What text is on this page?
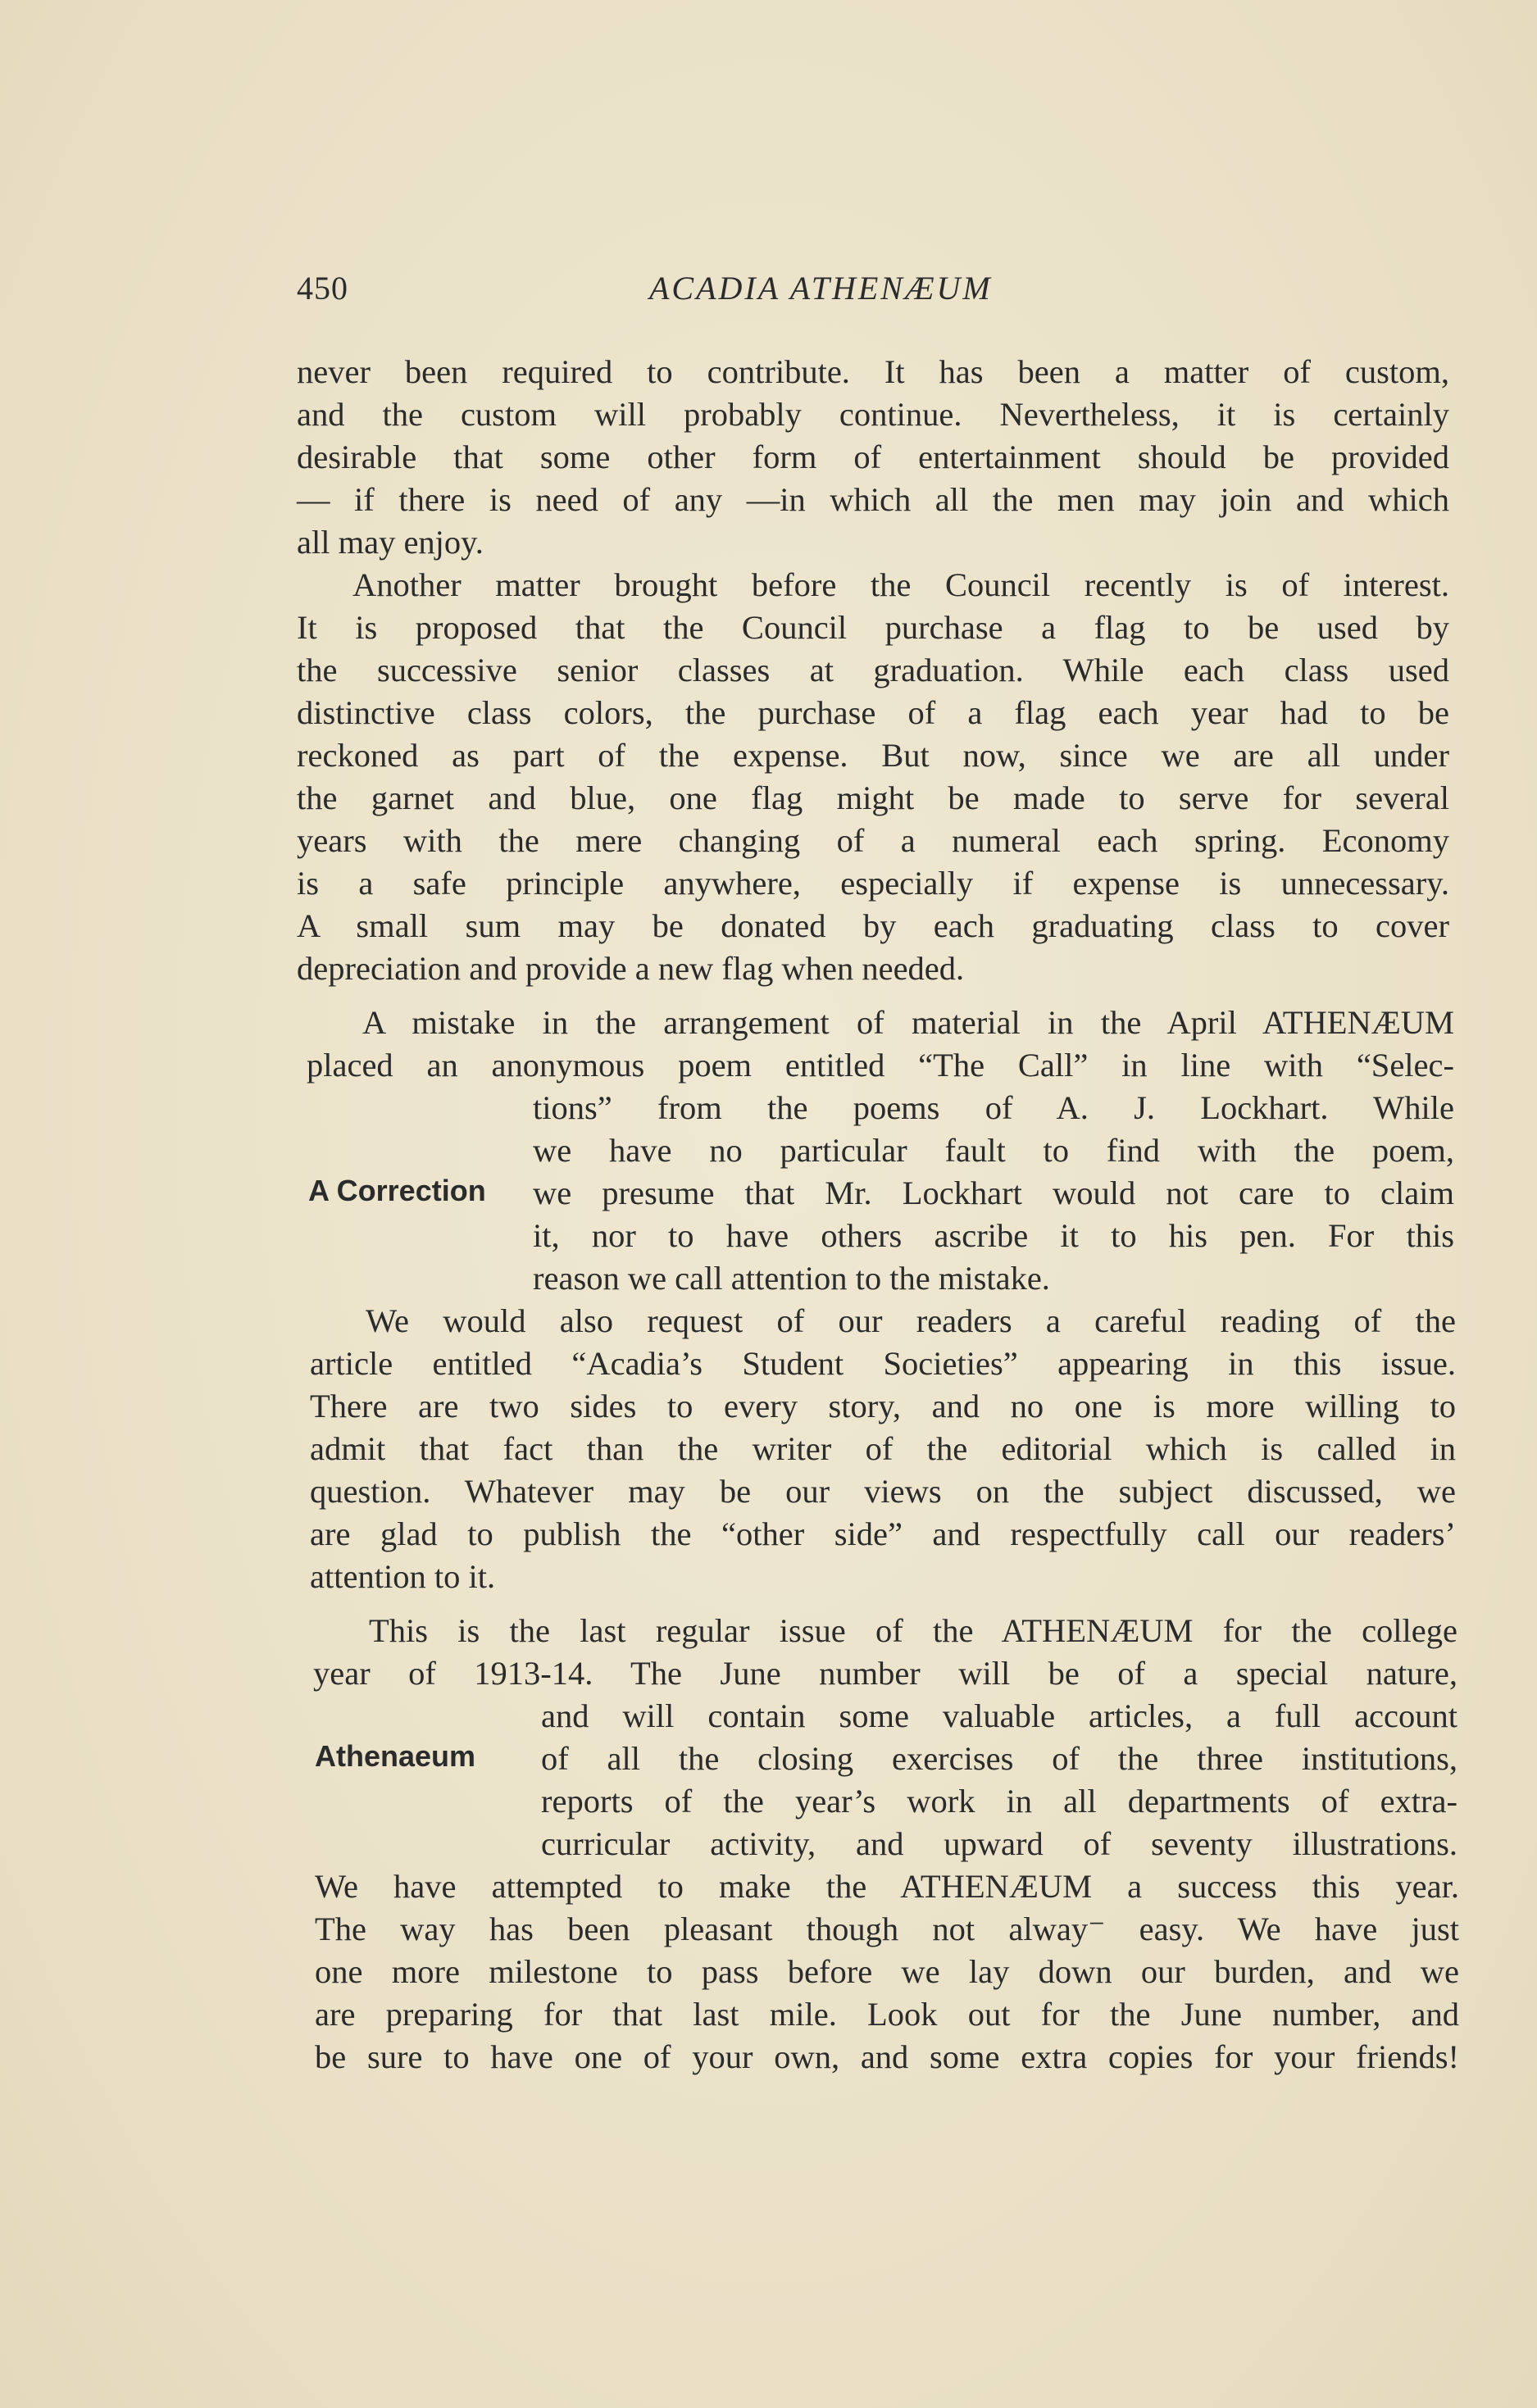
450	ACADIA ATHENÆUM
never been required to contribute. It has been a matter of custom,
and the custom will probably continue. Nevertheless, it is certainly
desirable that some other form of entertainment should be provided
— if there is need of any —in which all the men may join and which
all may enjoy.
Another matter brought before the Council recently is of interest.
It is proposed that the Council purchase a flag to be used by
the successive senior classes at graduation. While each class used
distinctive class colors, the purchase of a flag each year had to be
reckoned as part of the expense. But now, since we are all under
the garnet and blue, one flag might be made to serve for several
years with the mere changing of a numeral each spring. Economy
is a safe principle anywhere, especially if expense is unnecessary.
A small sum may be donated by each graduating class to cover
depreciation and provide a new flag when needed.
A mistake in the arrangement of material in the April ATHENÆUM
placed an anonymous poem entitled “The Call” in line with “Selec-
A Correction
tions” from the poems of A. J. Lockhart. While
we have no particular fault to find with the poem,
we presume that Mr. Lockhart would not care to claim
it, nor to have others ascribe it to his pen. For this
reason we call attention to the mistake.
We would also request of our readers a careful reading of the
article entitled “Acadia’s Student Societies” appearing in this issue.
There are two sides to every story, and no one is more willing to
admit that fact than the writer of the editorial which is called in
question. Whatever may be our views on the subject discussed, we
are glad to publish the “other side” and respectfully call our readers’
attention to it.
This is the last regular issue of the ATHENÆUM for the college
year of 1913-14. The June number will be of a special nature,
Athenaeum
and will contain some valuable articles, a full account
of all the closing exercises of the three institutions,
reports of the year’s work in all departments of extra-
curricular activity, and upward of seventy illustrations.
We have attempted to make the ATHENÆUM a success this year.
The way has been pleasant though not alway⁻ easy. We have just
one more milestone to pass before we lay down our burden, and we
are preparing for that last mile. Look out for the June number, and
be sure to have one of your own, and some extra copies for your friends!
